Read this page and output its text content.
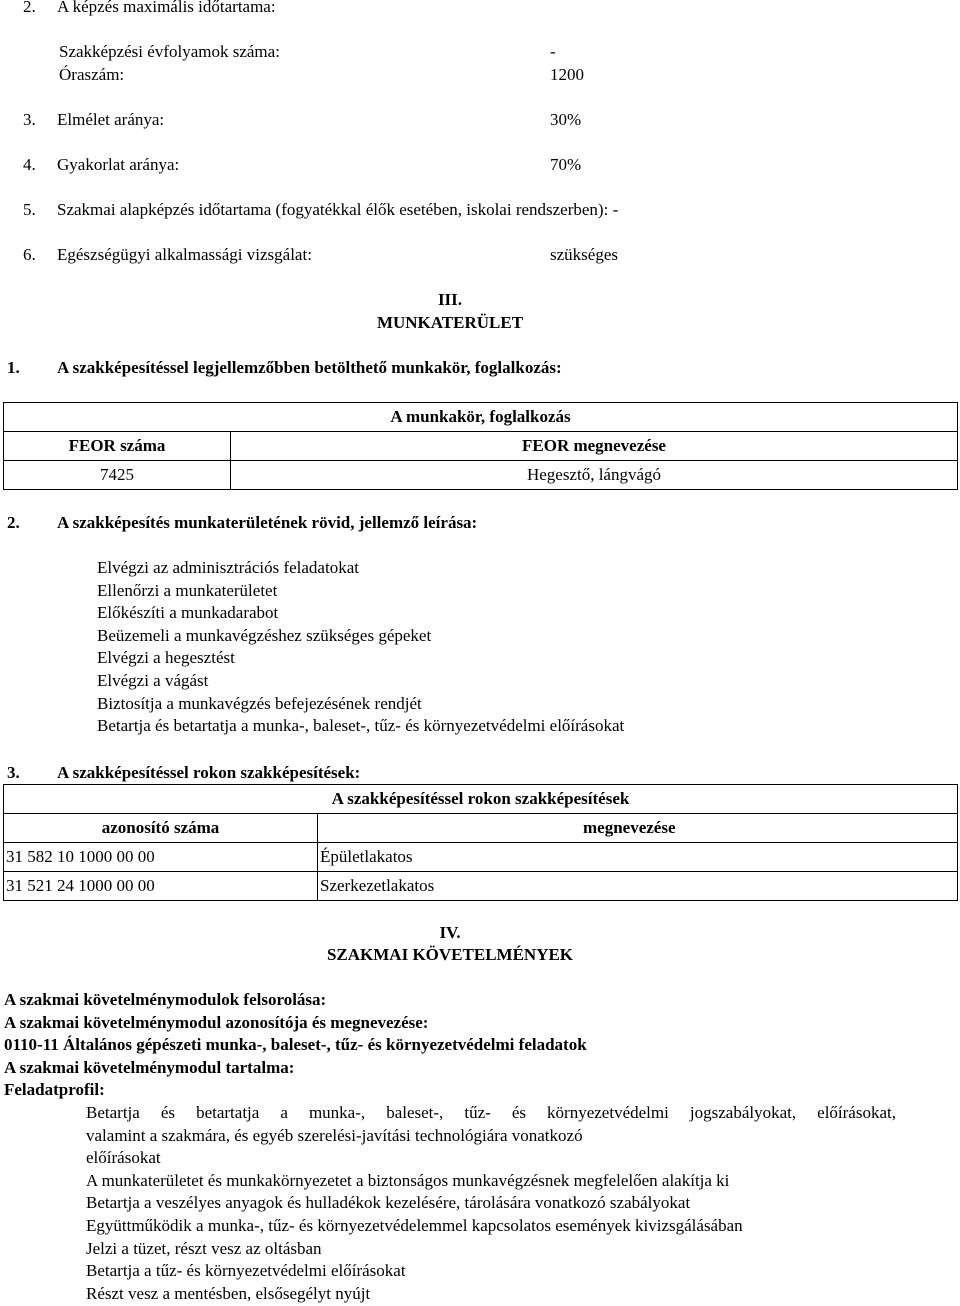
2. A képzés maximális időtartama:
Szakképzési évfolyamok száma:	-
Óraszám:	1200
3. Elmélet aránya:	30%
4. Gyakorlat aránya:	70%
5. Szakmai alapképzés időtartama (fogyatékkal élők esetében, iskolai rendszerben): -
6. Egészségügyi alkalmassági vizsgálat:	szükséges
III.
MUNKATERÜLET
1. A szakképesítéssel legjellemzőbben betölthető munkakör, foglalkozás:
A munkakör, foglalkozás	
FEOR száma	FEOR megnevezése
7425	Hegesztő, lángvágó
2. A szakképesítés munkaterületének rövid, jellemző leírása:
Elvégzi az adminisztrációs feladatokat
Ellenőrzi a munkaterületet
Előkészíti a munkadarabot
Beüzemeli a munkavégzéshez szükséges gépeket
Elvégzi a hegesztést
Elvégzi a vágást
Biztosítja a munkavégzés befejezésének rendjét
Betartja és betartatja a munka-, baleset-, tűz- és környezetvédelmi előírásokat
3. A szakképesítéssel rokon szakképesítések:
A szakképesítéssel rokon szakképesítések	
azonosító száma	megnevezése
31 582 10 1000 00 00	Épületlakatos
31 521 24 1000 00 00	Szerkezetlakatos
IV.
SZAKMAI KÖVETELMÉNYEK
A szakmai követelménymodulok felsorolása:
A szakmai követelménymodul azonosítója és megnevezése:
0110-11 Általános gépészeti munka-, baleset-, tűz- és környezetvédelmi feladatok
A szakmai követelménymodul tartalma:
Feladatprofil:
Betartja és betartatja a munka-, baleset-, tűz- és környezetvédelmi jogszabályokat, előírásokat,
valamint a szakmára, és egyéb szerelési-javítási technológiára vonatkozó
előírásokat
A munkaterületet és munkakörnyezetet a biztonságos munkavégzésnek megfelelően alakítja ki
Betartja a veszélyes anyagok és hulladékok kezelésére, tárolására vonatkozó szabályokat
Együttműködik a munka-, tűz- és környezetvédelemmel kapcsolatos események kivizsgálásában
Jelzi a tüzet, részt vesz az oltásban
Betartja a tűz- és környezetvédelmi előírásokat
Részt vesz a mentésben, elsősegélyt nyújt
